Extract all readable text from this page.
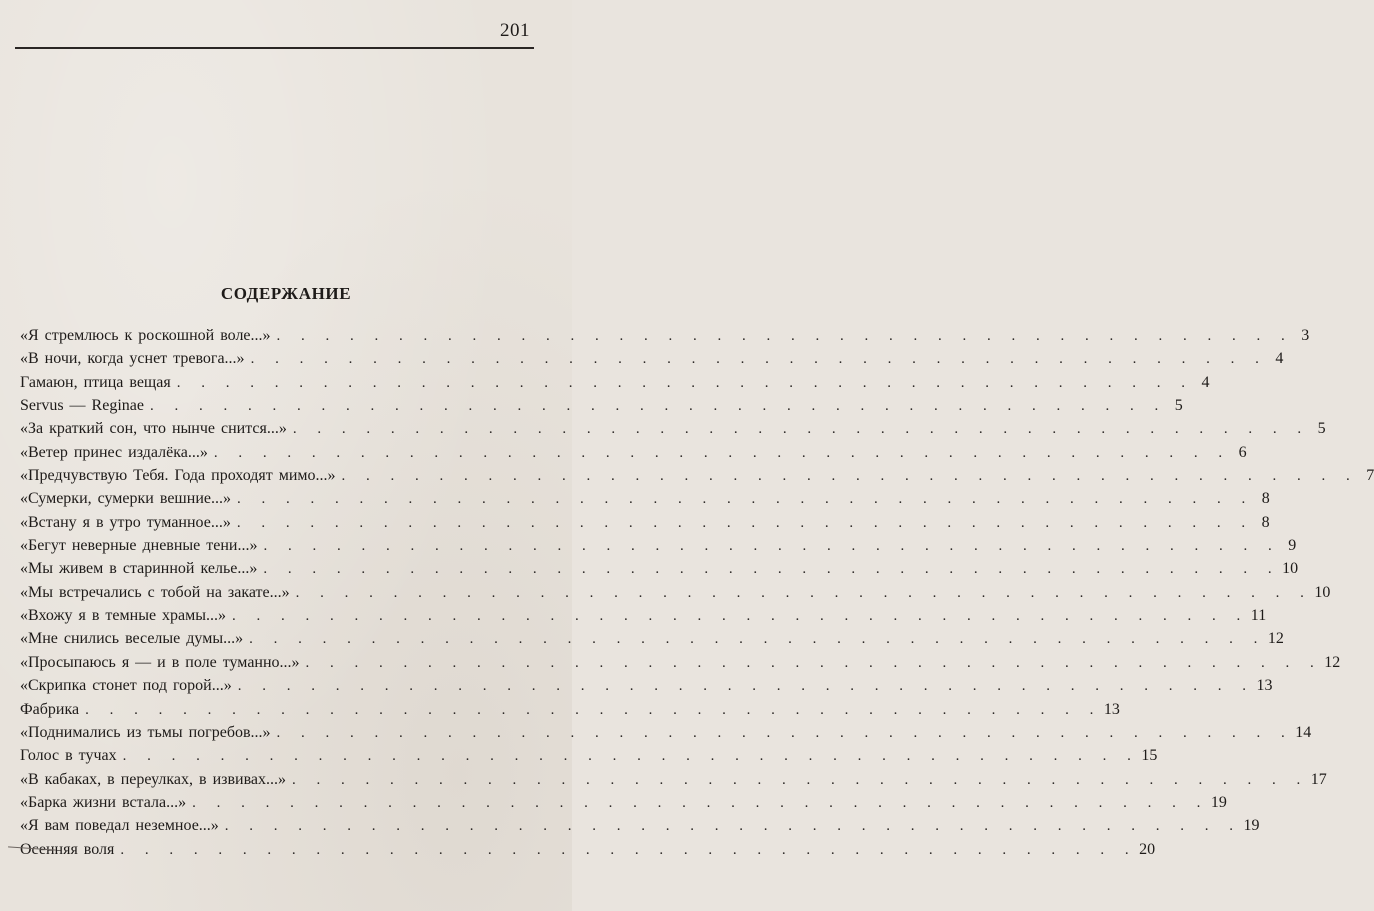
201
СОДЕРЖАНИЕ
«Я стремлюсь к роскошной воле...» . . . . . . . . . . . . . . . . . . . . . . . . . . . . . . . . . . . . . . . . . . 3
«В ночи, когда уснет тревога...» . . . . . . . . . . . . . . . . . . . . . . . . . . . . . . . . . . . . . . . . . . 4
Гамаюн, птица вещая . . . . . . . . . . . . . . . . . . . . . . . . . . . . . . . . . . . . . . . . . . 4
Servus — Reginae . . . . . . . . . . . . . . . . . . . . . . . . . . . . . . . . . . . . . . . . . . 5
«За краткий сон, что нынче снится...» . . . . . . . . . . . . . . . . . . . . . . . . . . . . . . . . . . . . . . . . . . 5
«Ветер принес издалёка...» . . . . . . . . . . . . . . . . . . . . . . . . . . . . . . . . . . . . . . . . . . 6
«Предчувствую Тебя. Года проходят мимо...» . . . . . . . . . . . . . . . . . . . . . . . . . . . . . . . . . . . . . . . . . . 7
«Сумерки, сумерки вешние...» . . . . . . . . . . . . . . . . . . . . . . . . . . . . . . . . . . . . . . . . . . 8
«Встану я в утро туманное...» . . . . . . . . . . . . . . . . . . . . . . . . . . . . . . . . . . . . . . . . . . 8
«Бегут неверные дневные тени...» . . . . . . . . . . . . . . . . . . . . . . . . . . . . . . . . . . . . . . . . . . 9
«Мы живем в старинной келье...» . . . . . . . . . . . . . . . . . . . . . . . . . . . . . . . . . . . . . . . . . . 10
«Мы встречались с тобой на закате...» . . . . . . . . . . . . . . . . . . . . . . . . . . . . . . . . . . . . . . . . . . 10
«Вхожу я в темные храмы...» . . . . . . . . . . . . . . . . . . . . . . . . . . . . . . . . . . . . . . . . . . 11
«Мне снились веселые думы...» . . . . . . . . . . . . . . . . . . . . . . . . . . . . . . . . . . . . . . . . . . 12
«Просыпаюсь я — и в поле туманно...» . . . . . . . . . . . . . . . . . . . . . . . . . . . . . . . . . . . . . . . . . . 12
«Скрипка стонет под горой...» . . . . . . . . . . . . . . . . . . . . . . . . . . . . . . . . . . . . . . . . . . 13
Фабрика . . . . . . . . . . . . . . . . . . . . . . . . . . . . . . . . . . . . . . . . . . 13
«Поднимались из тьмы погребов...» . . . . . . . . . . . . . . . . . . . . . . . . . . . . . . . . . . . . . . . . . . 14
Голос в тучах . . . . . . . . . . . . . . . . . . . . . . . . . . . . . . . . . . . . . . . . . . 15
«В кабаках, в переулках, в извивах...» . . . . . . . . . . . . . . . . . . . . . . . . . . . . . . . . . . . . . . . . . . 17
«Барка жизни встала...» . . . . . . . . . . . . . . . . . . . . . . . . . . . . . . . . . . . . . . . . . . 19
«Я вам поведал неземное...» . . . . . . . . . . . . . . . . . . . . . . . . . . . . . . . . . . . . . . . . . . 19
Осенняя воля . . . . . . . . . . . . . . . . . . . . . . . . . . . . . . . . . . . . . . . . . . 20
